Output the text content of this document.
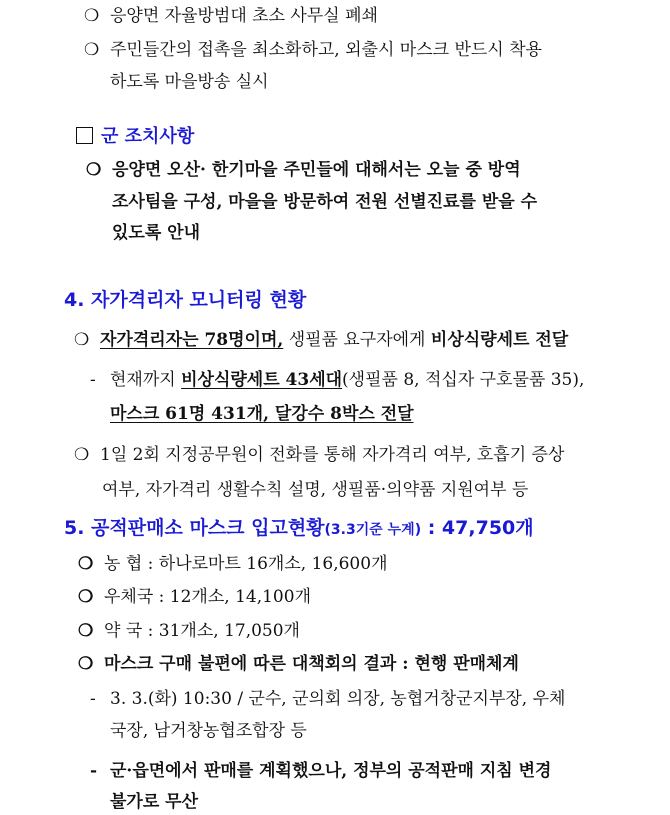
❍ 응양면 자율방범대 초소 사무실 폐쇄
❍ 주민들간의 접촉을 최소화하고, 외출시 마스크 반드시 착용
하도록 마을방송 실시
군 조치사항
❍ 응양면 오산· 한기마을 주민들에 대해서는 오늘 중 방역
조사팀을 구성, 마을을 방문하여 전원 선별진료를 받을 수
있도록 안내
4. 자가격리자 모니터링 현황
❍ 자가격리자는 78명이며, 생필품 요구자에게 비상식량세트 전달
- 현재까지 비상식량세트 43세대(생필품 8, 적십자 구호물품 35),
마스크 61명 431개, 달강수 8박스 전달
❍ 1일 2회 지정공무원이 전화를 통해 자가격리 여부, 호흡기 증상
여부, 자가격리 생활수칙 설명, 생필품·의약품 지원여부 등
5. 공적판매소 마스크 입고현황(3.3기준 누계) : 47,750개
❍ 농 협 : 하나로마트 16개소, 16,600개
❍ 우체국 : 12개소, 14,100개
❍ 약 국 : 31개소, 17,050개
❍ 마스크 구매 불편에 따른 대책회의 결과 : 현행 판매체계
- 3. 3.(화) 10:30 / 군수, 군의회 의장, 농협거창군지부장, 우체
국장, 남거창농협조합장 등
- 군·읍면에서 판매를 계획했으나, 정부의 공적판매 지침 변경
불가로 무산
